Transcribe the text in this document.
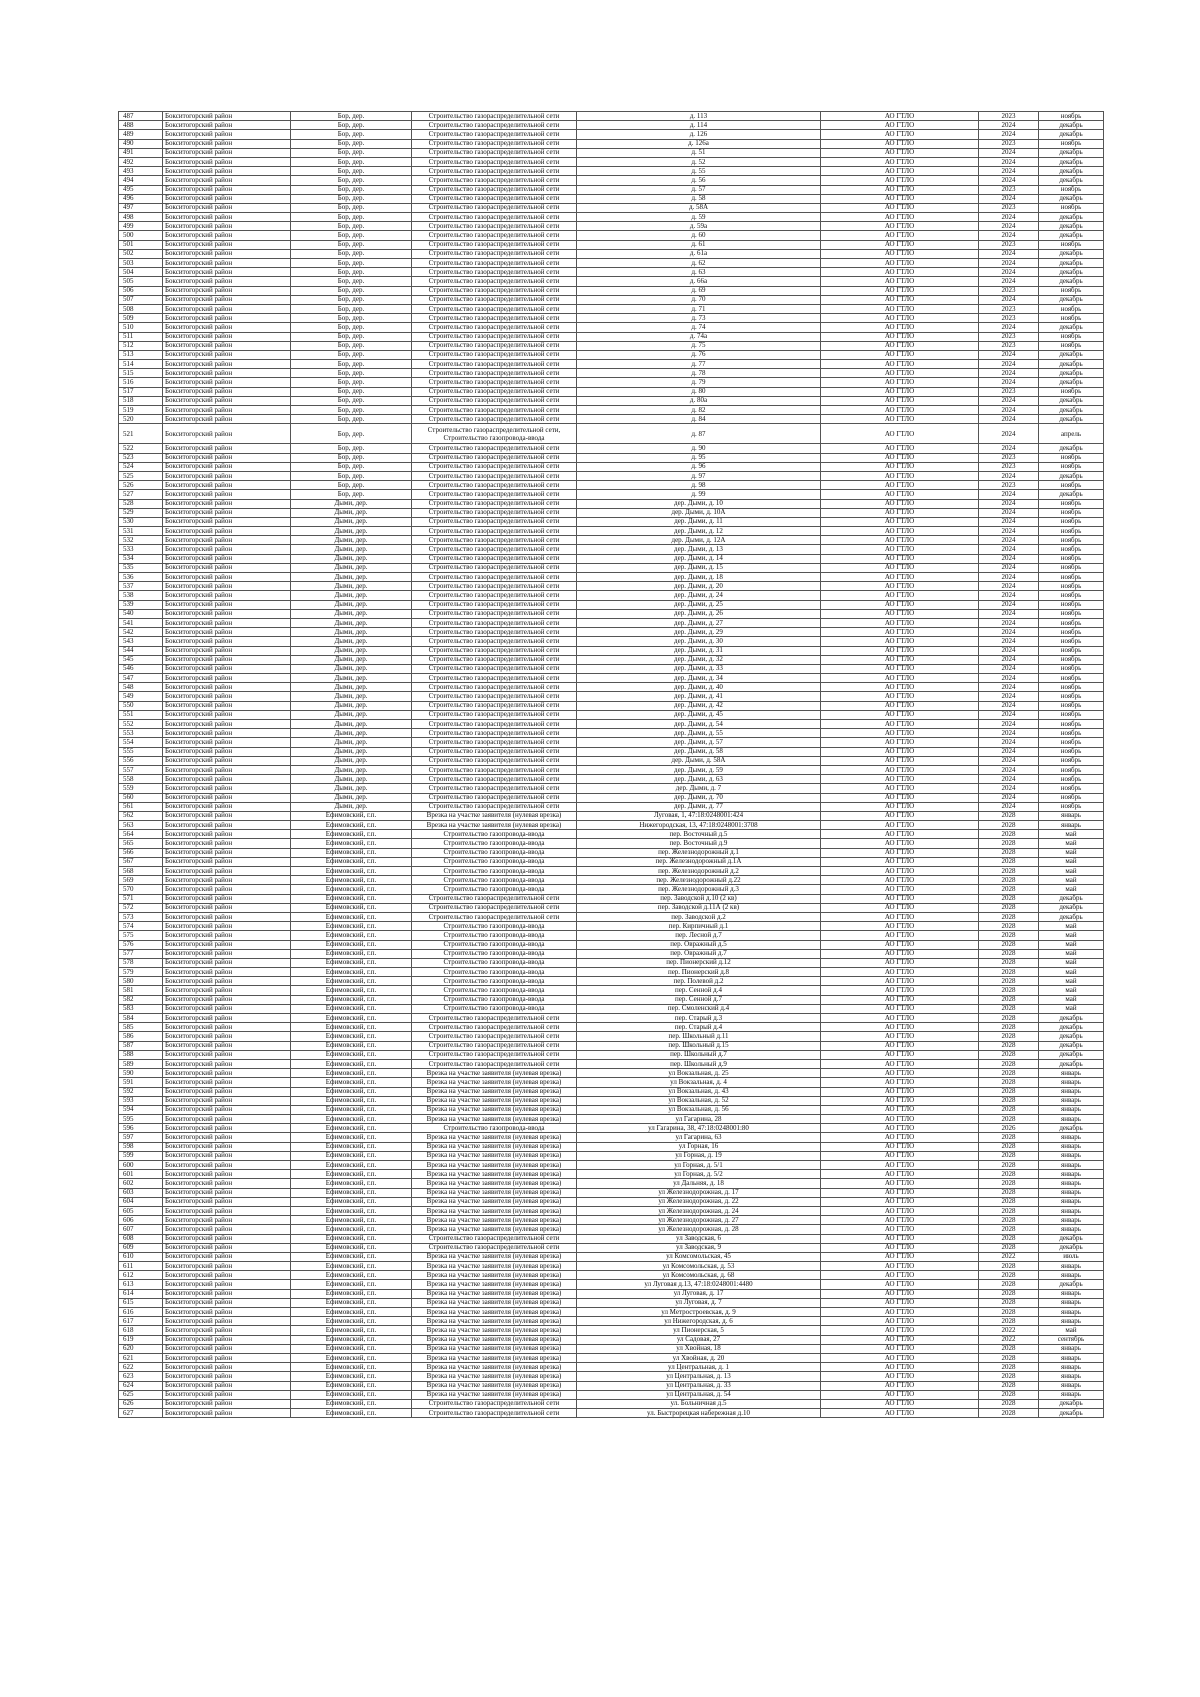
487	Бокситогорский район	Бор, дер.	Строительство газораспределительной сети	д. 113	АО ГТЛО	2023	ноябрь
488	Бокситогорский район	Бор, дер.	Строительство газораспределительной сети	д. 114	АО ГТЛО	2024	декабрь
489	Бокситогорский район	Бор, дер.	Строительство газораспределительной сети	д. 126	АО ГТЛО	2024	декабрь
490	Бокситогорский район	Бор, дер.	Строительство газораспределительной сети	д. 126а	АО ГТЛО	2023	ноябрь
491	Бокситогорский район	Бор, дер.	Строительство газораспределительной сети	д. 51	АО ГТЛО	2024	декабрь
492	Бокситогорский район	Бор, дер.	Строительство газораспределительной сети	д. 52	АО ГТЛО	2024	декабрь
493	Бокситогорский район	Бор, дер.	Строительство газораспределительной сети	д. 55	АО ГТЛО	2024	декабрь
494	Бокситогорский район	Бор, дер.	Строительство газораспределительной сети	д. 56	АО ГТЛО	2024	декабрь
495	Бокситогорский район	Бор, дер.	Строительство газораспределительной сети	д. 57	АО ГТЛО	2023	ноябрь
496	Бокситогорский район	Бор, дер.	Строительство газораспределительной сети	д. 58	АО ГТЛО	2024	декабрь
497	Бокситогорский район	Бор, дер.	Строительство газораспределительной сети	д. 58А	АО ГТЛО	2023	ноябрь
498	Бокситогорский район	Бор, дер.	Строительство газораспределительной сети	д. 59	АО ГТЛО	2024	декабрь
499	Бокситогорский район	Бор, дер.	Строительство газораспределительной сети	д. 59а	АО ГТЛО	2024	декабрь
500	Бокситогорский район	Бор, дер.	Строительство газораспределительной сети	д. 60	АО ГТЛО	2024	декабрь
501	Бокситогорский район	Бор, дер.	Строительство газораспределительной сети	д. 61	АО ГТЛО	2023	ноябрь
502	Бокситогорский район	Бор, дер.	Строительство газораспределительной сети	д. 61а	АО ГТЛО	2024	декабрь
503	Бокситогорский район	Бор, дер.	Строительство газораспределительной сети	д. 62	АО ГТЛО	2024	декабрь
504	Бокситогорский район	Бор, дер.	Строительство газораспределительной сети	д. 63	АО ГТЛО	2024	декабрь
505	Бокситогорский район	Бор, дер.	Строительство газораспределительной сети	д. 66а	АО ГТЛО	2024	декабрь
506	Бокситогорский район	Бор, дер.	Строительство газораспределительной сети	д. 69	АО ГТЛО	2023	ноябрь
507	Бокситогорский район	Бор, дер.	Строительство газораспределительной сети	д. 70	АО ГТЛО	2024	декабрь
508	Бокситогорский район	Бор, дер.	Строительство газораспределительной сети	д. 71	АО ГТЛО	2023	ноябрь
509	Бокситогорский район	Бор, дер.	Строительство газораспределительной сети	д. 73	АО ГТЛО	2023	ноябрь
510	Бокситогорский район	Бор, дер.	Строительство газораспределительной сети	д. 74	АО ГТЛО	2024	декабрь
511	Бокситогорский район	Бор, дер.	Строительство газораспределительной сети	д. 74а	АО ГТЛО	2023	ноябрь
512	Бокситогорский район	Бор, дер.	Строительство газораспределительной сети	д. 75	АО ГТЛО	2023	ноябрь
513	Бокситогорский район	Бор, дер.	Строительство газораспределительной сети	д. 76	АО ГТЛО	2024	декабрь
514	Бокситогорский район	Бор, дер.	Строительство газораспределительной сети	д. 77	АО ГТЛО	2024	декабрь
515	Бокситогорский район	Бор, дер.	Строительство газораспределительной сети	д. 78	АО ГТЛО	2024	декабрь
516	Бокситогорский район	Бор, дер.	Строительство газораспределительной сети	д. 79	АО ГТЛО	2024	декабрь
517	Бокситогорский район	Бор, дер.	Строительство газораспределительной сети	д. 80	АО ГТЛО	2023	ноябрь
518	Бокситогорский район	Бор, дер.	Строительство газораспределительной сети	д. 80а	АО ГТЛО	2024	декабрь
519	Бокситогорский район	Бор, дер.	Строительство газораспределительной сети	д. 82	АО ГТЛО	2024	декабрь
520	Бокситогорский район	Бор, дер.	Строительство газораспределительной сети	д. 84	АО ГТЛО	2024	декабрь
521	Бокситогорский район	Бор, дер.	Строительство газораспределительной сети, Строительство газопровода-ввода	д. 87	АО ГТЛО	2024	апрель
522	Бокситогорский район	Бор, дер.	Строительство газораспределительной сети	д. 90	АО ГТЛО	2024	декабрь
523	Бокситогорский район	Бор, дер.	Строительство газораспределительной сети	д. 95	АО ГТЛО	2023	ноябрь
524	Бокситогорский район	Бор, дер.	Строительство газораспределительной сети	д. 96	АО ГТЛО	2023	ноябрь
525	Бокситогорский район	Бор, дер.	Строительство газораспределительной сети	д. 97	АО ГТЛО	2024	декабрь
526	Бокситогорский район	Бор, дер.	Строительство газораспределительной сети	д. 98	АО ГТЛО	2023	ноябрь
527	Бокситогорский район	Бор, дер.	Строительство газораспределительной сети	д. 99	АО ГТЛО	2024	декабрь
528	Бокситогорский район	Дыми, дер.	Строительство газораспределительной сети	дер. Дыми, д. 10	АО ГТЛО	2024	ноябрь
529	Бокситогорский район	Дыми, дер.	Строительство газораспределительной сети	дер. Дыми, д. 10А	АО ГТЛО	2024	ноябрь
530	Бокситогорский район	Дыми, дер.	Строительство газораспределительной сети	дер. Дыми, д. 11	АО ГТЛО	2024	ноябрь
531	Бокситогорский район	Дыми, дер.	Строительство газораспределительной сети	дер. Дыми, д. 12	АО ГТЛО	2024	ноябрь
532	Бокситогорский район	Дыми, дер.	Строительство газораспределительной сети	дер. Дыми, д. 12А	АО ГТЛО	2024	ноябрь
533	Бокситогорский район	Дыми, дер.	Строительство газораспределительной сети	дер. Дыми, д. 13	АО ГТЛО	2024	ноябрь
534	Бокситогорский район	Дыми, дер.	Строительство газораспределительной сети	дер. Дыми, д. 14	АО ГТЛО	2024	ноябрь
535	Бокситогорский район	Дыми, дер.	Строительство газораспределительной сети	дер. Дыми, д. 15	АО ГТЛО	2024	ноябрь
536	Бокситогорский район	Дыми, дер.	Строительство газораспределительной сети	дер. Дыми, д. 18	АО ГТЛО	2024	ноябрь
537	Бокситогорский район	Дыми, дер.	Строительство газораспределительной сети	дер. Дыми, д. 20	АО ГТЛО	2024	ноябрь
538	Бокситогорский район	Дыми, дер.	Строительство газораспределительной сети	дер. Дыми, д. 24	АО ГТЛО	2024	ноябрь
539	Бокситогорский район	Дыми, дер.	Строительство газораспределительной сети	дер. Дыми, д. 25	АО ГТЛО	2024	ноябрь
540	Бокситогорский район	Дыми, дер.	Строительство газораспределительной сети	дер. Дыми, д. 26	АО ГТЛО	2024	ноябрь
541	Бокситогорский район	Дыми, дер.	Строительство газораспределительной сети	дер. Дыми, д. 27	АО ГТЛО	2024	ноябрь
542	Бокситогорский район	Дыми, дер.	Строительство газораспределительной сети	дер. Дыми, д. 29	АО ГТЛО	2024	ноябрь
543	Бокситогорский район	Дыми, дер.	Строительство газораспределительной сети	дер. Дыми, д. 30	АО ГТЛО	2024	ноябрь
544	Бокситогорский район	Дыми, дер.	Строительство газораспределительной сети	дер. Дыми, д. 31	АО ГТЛО	2024	ноябрь
545	Бокситогорский район	Дыми, дер.	Строительство газораспределительной сети	дер. Дыми, д. 32	АО ГТЛО	2024	ноябрь
546	Бокситогорский район	Дыми, дер.	Строительство газораспределительной сети	дер. Дыми, д. 33	АО ГТЛО	2024	ноябрь
547	Бокситогорский район	Дыми, дер.	Строительство газораспределительной сети	дер. Дыми, д. 34	АО ГТЛО	2024	ноябрь
548	Бокситогорский район	Дыми, дер.	Строительство газораспределительной сети	дер. Дыми, д. 40	АО ГТЛО	2024	ноябрь
549	Бокситогорский район	Дыми, дер.	Строительство газораспределительной сети	дер. Дыми, д. 41	АО ГТЛО	2024	ноябрь
550	Бокситогорский район	Дыми, дер.	Строительство газораспределительной сети	дер. Дыми, д. 42	АО ГТЛО	2024	ноябрь
551	Бокситогорский район	Дыми, дер.	Строительство газораспределительной сети	дер. Дыми, д. 45	АО ГТЛО	2024	ноябрь
552	Бокситогорский район	Дыми, дер.	Строительство газораспределительной сети	дер. Дыми, д. 54	АО ГТЛО	2024	ноябрь
553	Бокситогорский район	Дыми, дер.	Строительство газораспределительной сети	дер. Дыми, д. 55	АО ГТЛО	2024	ноябрь
554	Бокситогорский район	Дыми, дер.	Строительство газораспределительной сети	дер. Дыми, д. 57	АО ГТЛО	2024	ноябрь
555	Бокситогорский район	Дыми, дер.	Строительство газораспределительной сети	дер. Дыми, д. 58	АО ГТЛО	2024	ноябрь
556	Бокситогорский район	Дыми, дер.	Строительство газораспределительной сети	дер. Дыми, д. 58А	АО ГТЛО	2024	ноябрь
557	Бокситогорский район	Дыми, дер.	Строительство газораспределительной сети	дер. Дыми, д. 59	АО ГТЛО	2024	ноябрь
558	Бокситогорский район	Дыми, дер.	Строительство газораспределительной сети	дер. Дыми, д. 63	АО ГТЛО	2024	ноябрь
559	Бокситогорский район	Дыми, дер.	Строительство газораспределительной сети	дер. Дыми, д. 7	АО ГТЛО	2024	ноябрь
560	Бокситогорский район	Дыми, дер.	Строительство газораспределительной сети	дер. Дыми, д. 70	АО ГТЛО	2024	ноябрь
561	Бокситогорский район	Дыми, дер.	Строительство газораспределительной сети	дер. Дыми, д. 77	АО ГТЛО	2024	ноябрь
562	Бокситогорский район	Ефимовский, г.п.	Врезка на участке заявителя (нулевая врезка)	Луговая, 1, 47:18:0248001:424	АО ГТЛО	2028	январь
563	Бокситогорский район	Ефимовский, г.п.	Врезка на участке заявителя (нулевая врезка)	Нижегородская, 13, 47:18:0248001:3708	АО ГТЛО	2028	январь
564	Бокситогорский район	Ефимовский, г.п.	Строительство газопровода-ввода	пер. Восточный д.5	АО ГТЛО	2028	май
565	Бокситогорский район	Ефимовский, г.п.	Строительство газопровода-ввода	пер. Восточный д.9	АО ГТЛО	2028	май
566	Бокситогорский район	Ефимовский, г.п.	Строительство газопровода-ввода	пер. Железнодорожный д.1	АО ГТЛО	2028	май
567	Бокситогорский район	Ефимовский, г.п.	Строительство газопровода-ввода	пер. Железнодорожный д.1А	АО ГТЛО	2028	май
568	Бокситогорский район	Ефимовский, г.п.	Строительство газопровода-ввода	пер. Железнодорожный д.2	АО ГТЛО	2028	май
569	Бокситогорский район	Ефимовский, г.п.	Строительство газопровода-ввода	пер. Железнодорожный д.22	АО ГТЛО	2028	май
570	Бокситогорский район	Ефимовский, г.п.	Строительство газопровода-ввода	пер. Железнодорожный д.3	АО ГТЛО	2028	май
571	Бокситогорский район	Ефимовский, г.п.	Строительство газораспределительной сети	пер. Заводской д.10 (2 кв)	АО ГТЛО	2028	декабрь
572	Бокситогорский район	Ефимовский, г.п.	Строительство газораспределительной сети	пер. Заводской д.11А (2 кв)	АО ГТЛО	2028	декабрь
573	Бокситогорский район	Ефимовский, г.п.	Строительство газораспределительной сети	пер. Заводской д.2	АО ГТЛО	2028	декабрь
574	Бокситогорский район	Ефимовский, г.п.	Строительство газопровода-ввода	пер. Кирпичный д.1	АО ГТЛО	2028	май
575	Бокситогорский район	Ефимовский, г.п.	Строительство газопровода-ввода	пер. Лесной д.7	АО ГТЛО	2028	май
576	Бокситогорский район	Ефимовский, г.п.	Строительство газопровода-ввода	пер. Овражный д.5	АО ГТЛО	2028	май
577	Бокситогорский район	Ефимовский, г.п.	Строительство газопровода-ввода	пер. Овражный д.7	АО ГТЛО	2028	май
578	Бокситогорский район	Ефимовский, г.п.	Строительство газопровода-ввода	пер. Пионерский д.12	АО ГТЛО	2028	май
579	Бокситогорский район	Ефимовский, г.п.	Строительство газопровода-ввода	пер. Пионерский д.8	АО ГТЛО	2028	май
580	Бокситогорский район	Ефимовский, г.п.	Строительство газопровода-ввода	пер. Полевой д.2	АО ГТЛО	2028	май
581	Бокситогорский район	Ефимовский, г.п.	Строительство газопровода-ввода	пер. Сенной д.4	АО ГТЛО	2028	май
582	Бокситогорский район	Ефимовский, г.п.	Строительство газопровода-ввода	пер. Сенной д.7	АО ГТЛО	2028	май
583	Бокситогорский район	Ефимовский, г.п.	Строительство газопровода-ввода	пер. Смоленский д.4	АО ГТЛО	2028	май
584	Бокситогорский район	Ефимовский, г.п.	Строительство газораспределительной сети	пер. Старый д.3	АО ГТЛО	2028	декабрь
585	Бокситогорский район	Ефимовский, г.п.	Строительство газораспределительной сети	пер. Старый д.4	АО ГТЛО	2028	декабрь
586	Бокситогорский район	Ефимовский, г.п.	Строительство газораспределительной сети	пер. Школьный д.11	АО ГТЛО	2028	декабрь
587	Бокситогорский район	Ефимовский, г.п.	Строительство газораспределительной сети	пер. Школьный д.15	АО ГТЛО	2028	декабрь
588	Бокситогорский район	Ефимовский, г.п.	Строительство газораспределительной сети	пер. Школьный д.7	АО ГТЛО	2028	декабрь
589	Бокситогорский район	Ефимовский, г.п.	Строительство газораспределительной сети	пер. Школьный д.9	АО ГТЛО	2028	декабрь
590	Бокситогорский район	Ефимовский, г.п.	Врезка на участке заявителя (нулевая врезка)	ул Вокзальная, д. 25	АО ГТЛО	2028	январь
591	Бокситогорский район	Ефимовский, г.п.	Врезка на участке заявителя (нулевая врезка)	ул Вокзальная, д. 4	АО ГТЛО	2028	январь
592	Бокситогорский район	Ефимовский, г.п.	Врезка на участке заявителя (нулевая врезка)	ул Вокзальная, д. 43	АО ГТЛО	2028	январь
593	Бокситогорский район	Ефимовский, г.п.	Врезка на участке заявителя (нулевая врезка)	ул Вокзальная, д. 52	АО ГТЛО	2028	январь
594	Бокситогорский район	Ефимовский, г.п.	Врезка на участке заявителя (нулевая врезка)	ул Вокзальная, д. 56	АО ГТЛО	2028	январь
595	Бокситогорский район	Ефимовский, г.п.	Врезка на участке заявителя (нулевая врезка)	ул Гагарина, 28	АО ГТЛО	2028	январь
596	Бокситогорский район	Ефимовский, г.п.	Строительство газопровода-ввода	ул Гагарина, 38, 47:18:0248001:80	АО ГТЛО	2026	декабрь
597	Бокситогорский район	Ефимовский, г.п.	Врезка на участке заявителя (нулевая врезка)	ул Гагарина, 63	АО ГТЛО	2028	январь
598	Бокситогорский район	Ефимовский, г.п.	Врезка на участке заявителя (нулевая врезка)	ул Горная, 16	АО ГТЛО	2028	январь
599	Бокситогорский район	Ефимовский, г.п.	Врезка на участке заявителя (нулевая врезка)	ул Горная, д. 19	АО ГТЛО	2028	январь
600	Бокситогорский район	Ефимовский, г.п.	Врезка на участке заявителя (нулевая врезка)	ул Горная, д. 5/1	АО ГТЛО	2028	январь
601	Бокситогорский район	Ефимовский, г.п.	Врезка на участке заявителя (нулевая врезка)	ул Горная, д. 5/2	АО ГТЛО	2028	январь
602	Бокситогорский район	Ефимовский, г.п.	Врезка на участке заявителя (нулевая врезка)	ул Дальняя, д. 18	АО ГТЛО	2028	январь
603	Бокситогорский район	Ефимовский, г.п.	Врезка на участке заявителя (нулевая врезка)	ул Железнодорожная, д. 17	АО ГТЛО	2028	январь
604	Бокситогорский район	Ефимовский, г.п.	Врезка на участке заявителя (нулевая врезка)	ул Железнодорожная, д. 22	АО ГТЛО	2028	январь
605	Бокситогорский район	Ефимовский, г.п.	Врезка на участке заявителя (нулевая врезка)	ул Железнодорожная, д. 24	АО ГТЛО	2028	январь
606	Бокситогорский район	Ефимовский, г.п.	Врезка на участке заявителя (нулевая врезка)	ул Железнодорожная, д. 27	АО ГТЛО	2028	январь
607	Бокситогорский район	Ефимовский, г.п.	Врезка на участке заявителя (нулевая врезка)	ул Железнодорожная, д. 28	АО ГТЛО	2028	январь
608	Бокситогорский район	Ефимовский, г.п.	Строительство газораспределительной сети	ул Заводская, 6	АО ГТЛО	2028	декабрь
609	Бокситогорский район	Ефимовский, г.п.	Строительство газораспределительной сети	ул Заводская, 9	АО ГТЛО	2028	декабрь
610	Бокситогорский район	Ефимовский, г.п.	Врезка на участке заявителя (нулевая врезка)	ул Комсомольская, 45	АО ГТЛО	2022	июль
611	Бокситогорский район	Ефимовский, г.п.	Врезка на участке заявителя (нулевая врезка)	ул Комсомольская, д. 53	АО ГТЛО	2028	январь
612	Бокситогорский район	Ефимовский, г.п.	Врезка на участке заявителя (нулевая врезка)	ул Комсомольская, д. 68	АО ГТЛО	2028	январь
613	Бокситогорский район	Ефимовский, г.п.	Врезка на участке заявителя (нулевая врезка)	ул Луговая д.13, 47:18:0248001:4480	АО ГТЛО	2028	декабрь
614	Бокситогорский район	Ефимовский, г.п.	Врезка на участке заявителя (нулевая врезка)	ул Луговая, д. 17	АО ГТЛО	2028	январь
615	Бокситогорский район	Ефимовский, г.п.	Врезка на участке заявителя (нулевая врезка)	ул Луговая, д. 7	АО ГТЛО	2028	январь
616	Бокситогорский район	Ефимовский, г.п.	Врезка на участке заявителя (нулевая врезка)	ул Метростроевская, д. 9	АО ГТЛО	2028	январь
617	Бокситогорский район	Ефимовский, г.п.	Врезка на участке заявителя (нулевая врезка)	ул Нижегородская, д. 6	АО ГТЛО	2028	январь
618	Бокситогорский район	Ефимовский, г.п.	Врезка на участке заявителя (нулевая врезка)	ул Пионерская, 5	АО ГТЛО	2022	май
619	Бокситогорский район	Ефимовский, г.п.	Врезка на участке заявителя (нулевая врезка)	ул Садовая, 27	АО ГТЛО	2022	сентябрь
620	Бокситогорский район	Ефимовский, г.п.	Врезка на участке заявителя (нулевая врезка)	ул Хвойная, 18	АО ГТЛО	2028	январь
621	Бокситогорский район	Ефимовский, г.п.	Врезка на участке заявителя (нулевая врезка)	ул Хвойная, д. 20	АО ГТЛО	2028	январь
622	Бокситогорский район	Ефимовский, г.п.	Врезка на участке заявителя (нулевая врезка)	ул Центральная, д. 1	АО ГТЛО	2028	январь
623	Бокситогорский район	Ефимовский, г.п.	Врезка на участке заявителя (нулевая врезка)	ул Центральная, д. 13	АО ГТЛО	2028	январь
624	Бокситогорский район	Ефимовский, г.п.	Врезка на участке заявителя (нулевая врезка)	ул Центральная, д. 33	АО ГТЛО	2028	январь
625	Бокситогорский район	Ефимовский, г.п.	Врезка на участке заявителя (нулевая врезка)	ул Центральная, д. 54	АО ГТЛО	2028	январь
626	Бокситогорский район	Ефимовский, г.п.	Строительство газораспределительной сети	ул. Больничная д.5	АО ГТЛО	2028	декабрь
627	Бокситогорский район	Ефимовский, г.п.	Строительство газораспределительной сети	ул. Быстрорецкая набережная д.10	АО ГТЛО	2028	декабрь
